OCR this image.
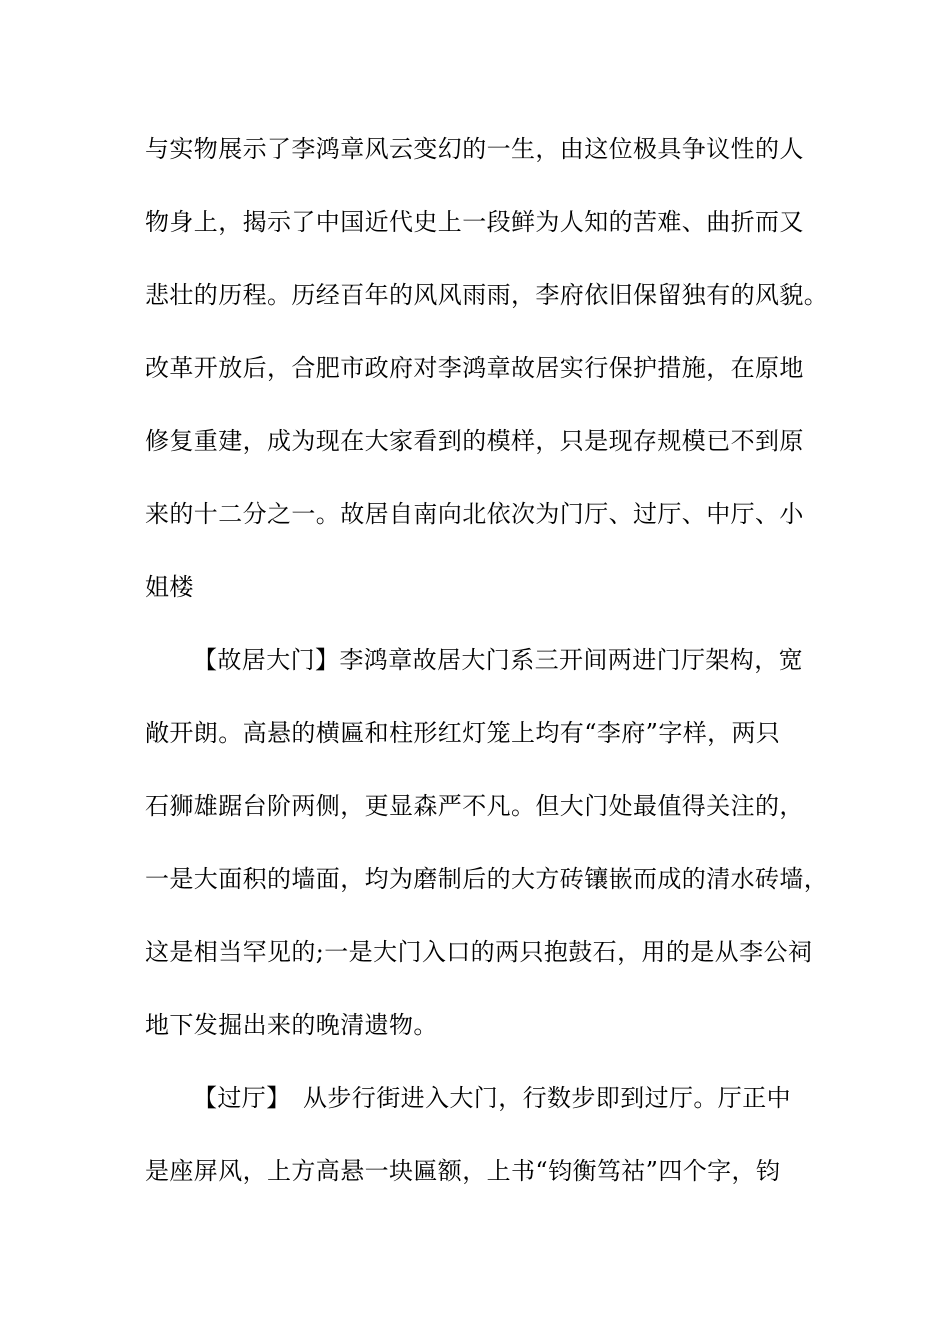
与实物展示了李鸿章风云变幻的一生，由这位极具争议性的人
物身上，揭示了中国近代史上一段鲜为人知的苦难、曲折而又
悲壮的历程。历经百年的风风雨雨，李府依旧保留独有的风貌。
改革开放后，合肥市政府对李鸿章故居实行保护措施，在原地
修复重建，成为现在大家看到的模样，只是现存规模已不到原
来的十二分之一。故居自南向北依次为门厅、过厅、中厅、小
姐楼
【故居大门】李鸿章故居大门系三开间两进门厅架构，宽
敞开朗。高悬的横匾和柱形红灯笼上均有“李府”字样，两只
石狮雄踞台阶两侧，更显森严不凡。但大门处最值得关注的，
一是大面积的墙面，均为磨制后的大方砖镶嵌而成的清水砖墙，
这是相当罕见的;一是大门入口的两只抱鼓石，用的是从李公祠
地下发掘出来的晚清遗物。
【过厅】　从步行街进入大门，行数步即到过厅。厅正中
是座屏风，上方高悬一块匾额，上书“钧衡笃祜”四个字，钧
